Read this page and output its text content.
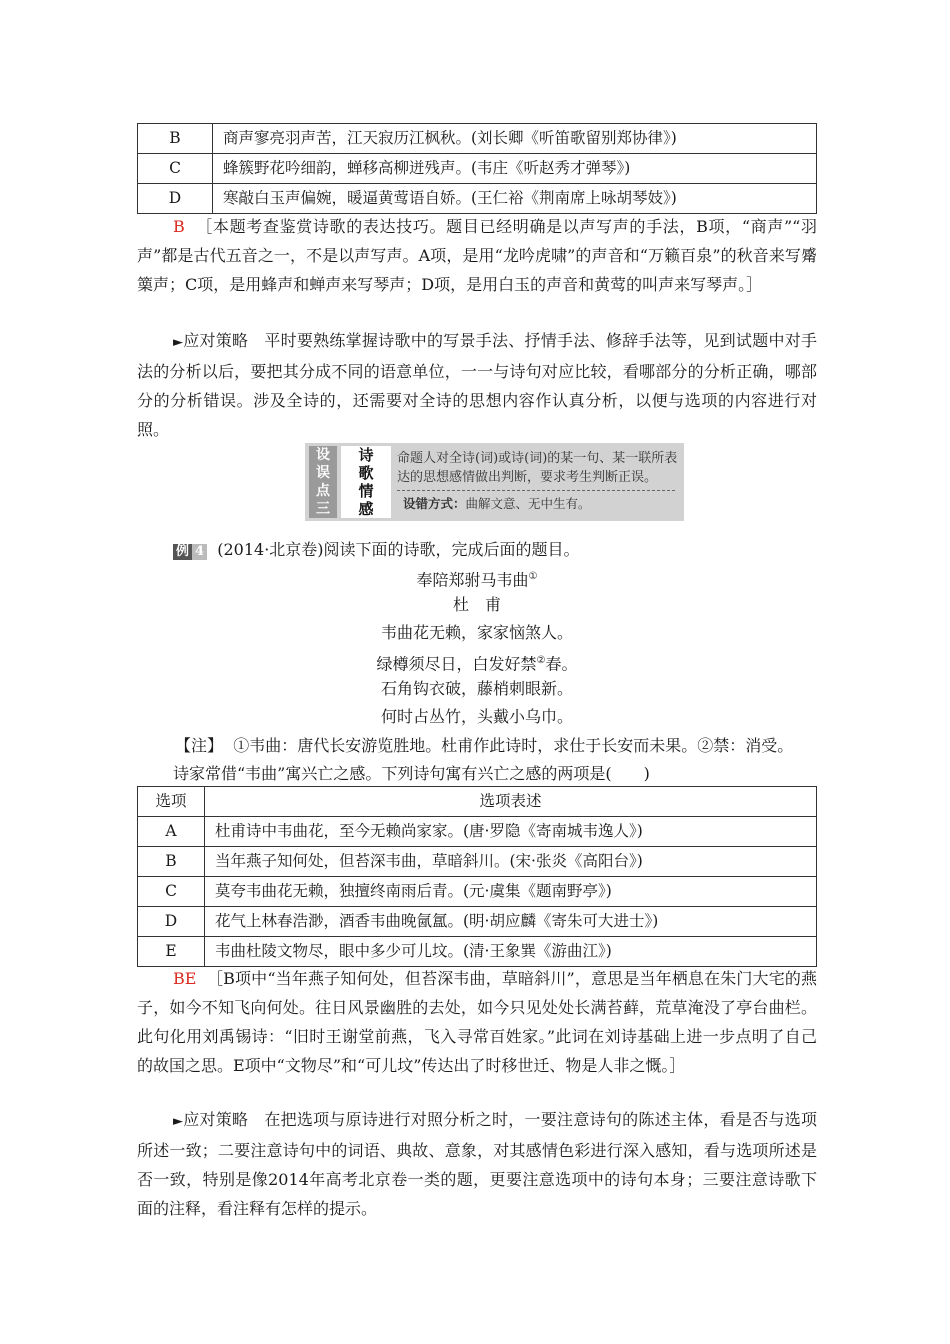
B	商声寥亮羽声苦，江天寂历江枫秋。(刘长卿《听笛歌留别郑协律》)
C	蜂簇野花吟细韵，蝉移高柳迸残声。(韦庄《听赵秀才弹琴》)
D	寒敲白玉声偏婉，暖逼黄莺语自娇。(王仁裕《荆南席上咏胡琴妓》)
B ［本题考查鉴赏诗歌的表达技巧。题目已经明确是以声写声的手法，B项，“商声”“羽声”都是古代五音之一，不是以声写声。A项，是用“龙吟虎啸”的声音和“万籁百泉”的秋音来写觱篥声；C项，是用蜂声和蝉声来写琴声；D项，是用白玉的声音和黄莺的叫声来写琴声。］
►应对策略 平时要熟练掌握诗歌中的写景手法、抒情手法、修辞手法等，见到试题中对手法的分析以后，要把其分成不同的语意单位，一一与诗句对应比较，看哪部分的分析正确，哪部分的分析错误。涉及全诗的，还需要对全诗的思想内容作认真分析，以便与选项的内容进行对照。
设
误
点
三
诗
歌
情
感
命题人对全诗(词)或诗(词)的某一句、某一联所表达的思想感情做出判断，要求考生判断正误。
设错方式：曲解文意、无中生有。
例 4 (2014·北京卷)阅读下面的诗歌，完成后面的题目。
奉陪郑驸马韦曲①
杜　甫
韦曲花无赖，家家恼煞人。
绿樽须尽日，白发好禁②春。
石角钩衣破，藤梢刺眼新。
何时占丛竹，头戴小乌巾。
【注】 ①韦曲：唐代长安游览胜地。杜甫作此诗时，求仕于长安而未果。②禁：消受。
诗家常借“韦曲”寓兴亡之感。下列诗句寓有兴亡之感的两项是(　　)
选项	选项表述
A	杜甫诗中韦曲花，至今无赖尚家家。(唐·罗隐《寄南城韦逸人》)
B	当年燕子知何处，但苔深韦曲，草暗斜川。(宋·张炎《高阳台》)
C	莫夸韦曲花无赖，独擅终南雨后青。(元·虞集《题南野亭》)
D	花气上林春浩渺，酒香韦曲晚氤氲。(明·胡应麟《寄朱可大进士》)
E	韦曲杜陵文物尽，眼中多少可儿坟。(清·王象巽《游曲江》)
BE ［B项中“当年燕子知何处，但苔深韦曲，草暗斜川”，意思是当年栖息在朱门大宅的燕子，如今不知飞向何处。往日风景幽胜的去处，如今只见处处长满苔藓，荒草淹没了亭台曲栏。此句化用刘禹锡诗：“旧时王谢堂前燕，飞入寻常百姓家。”此词在刘诗基础上进一步点明了自己的故国之思。E项中“文物尽”和“可儿坟”传达出了时移世迁、物是人非之慨。］
►应对策略 在把选项与原诗进行对照分析之时，一要注意诗句的陈述主体，看是否与选项所述一致；二要注意诗句中的词语、典故、意象，对其感情色彩进行深入感知，看与选项所述是否一致，特别是像2014年高考北京卷一类的题，更要注意选项中的诗句本身；三要注意诗歌下面的注释，看注释有怎样的提示。
